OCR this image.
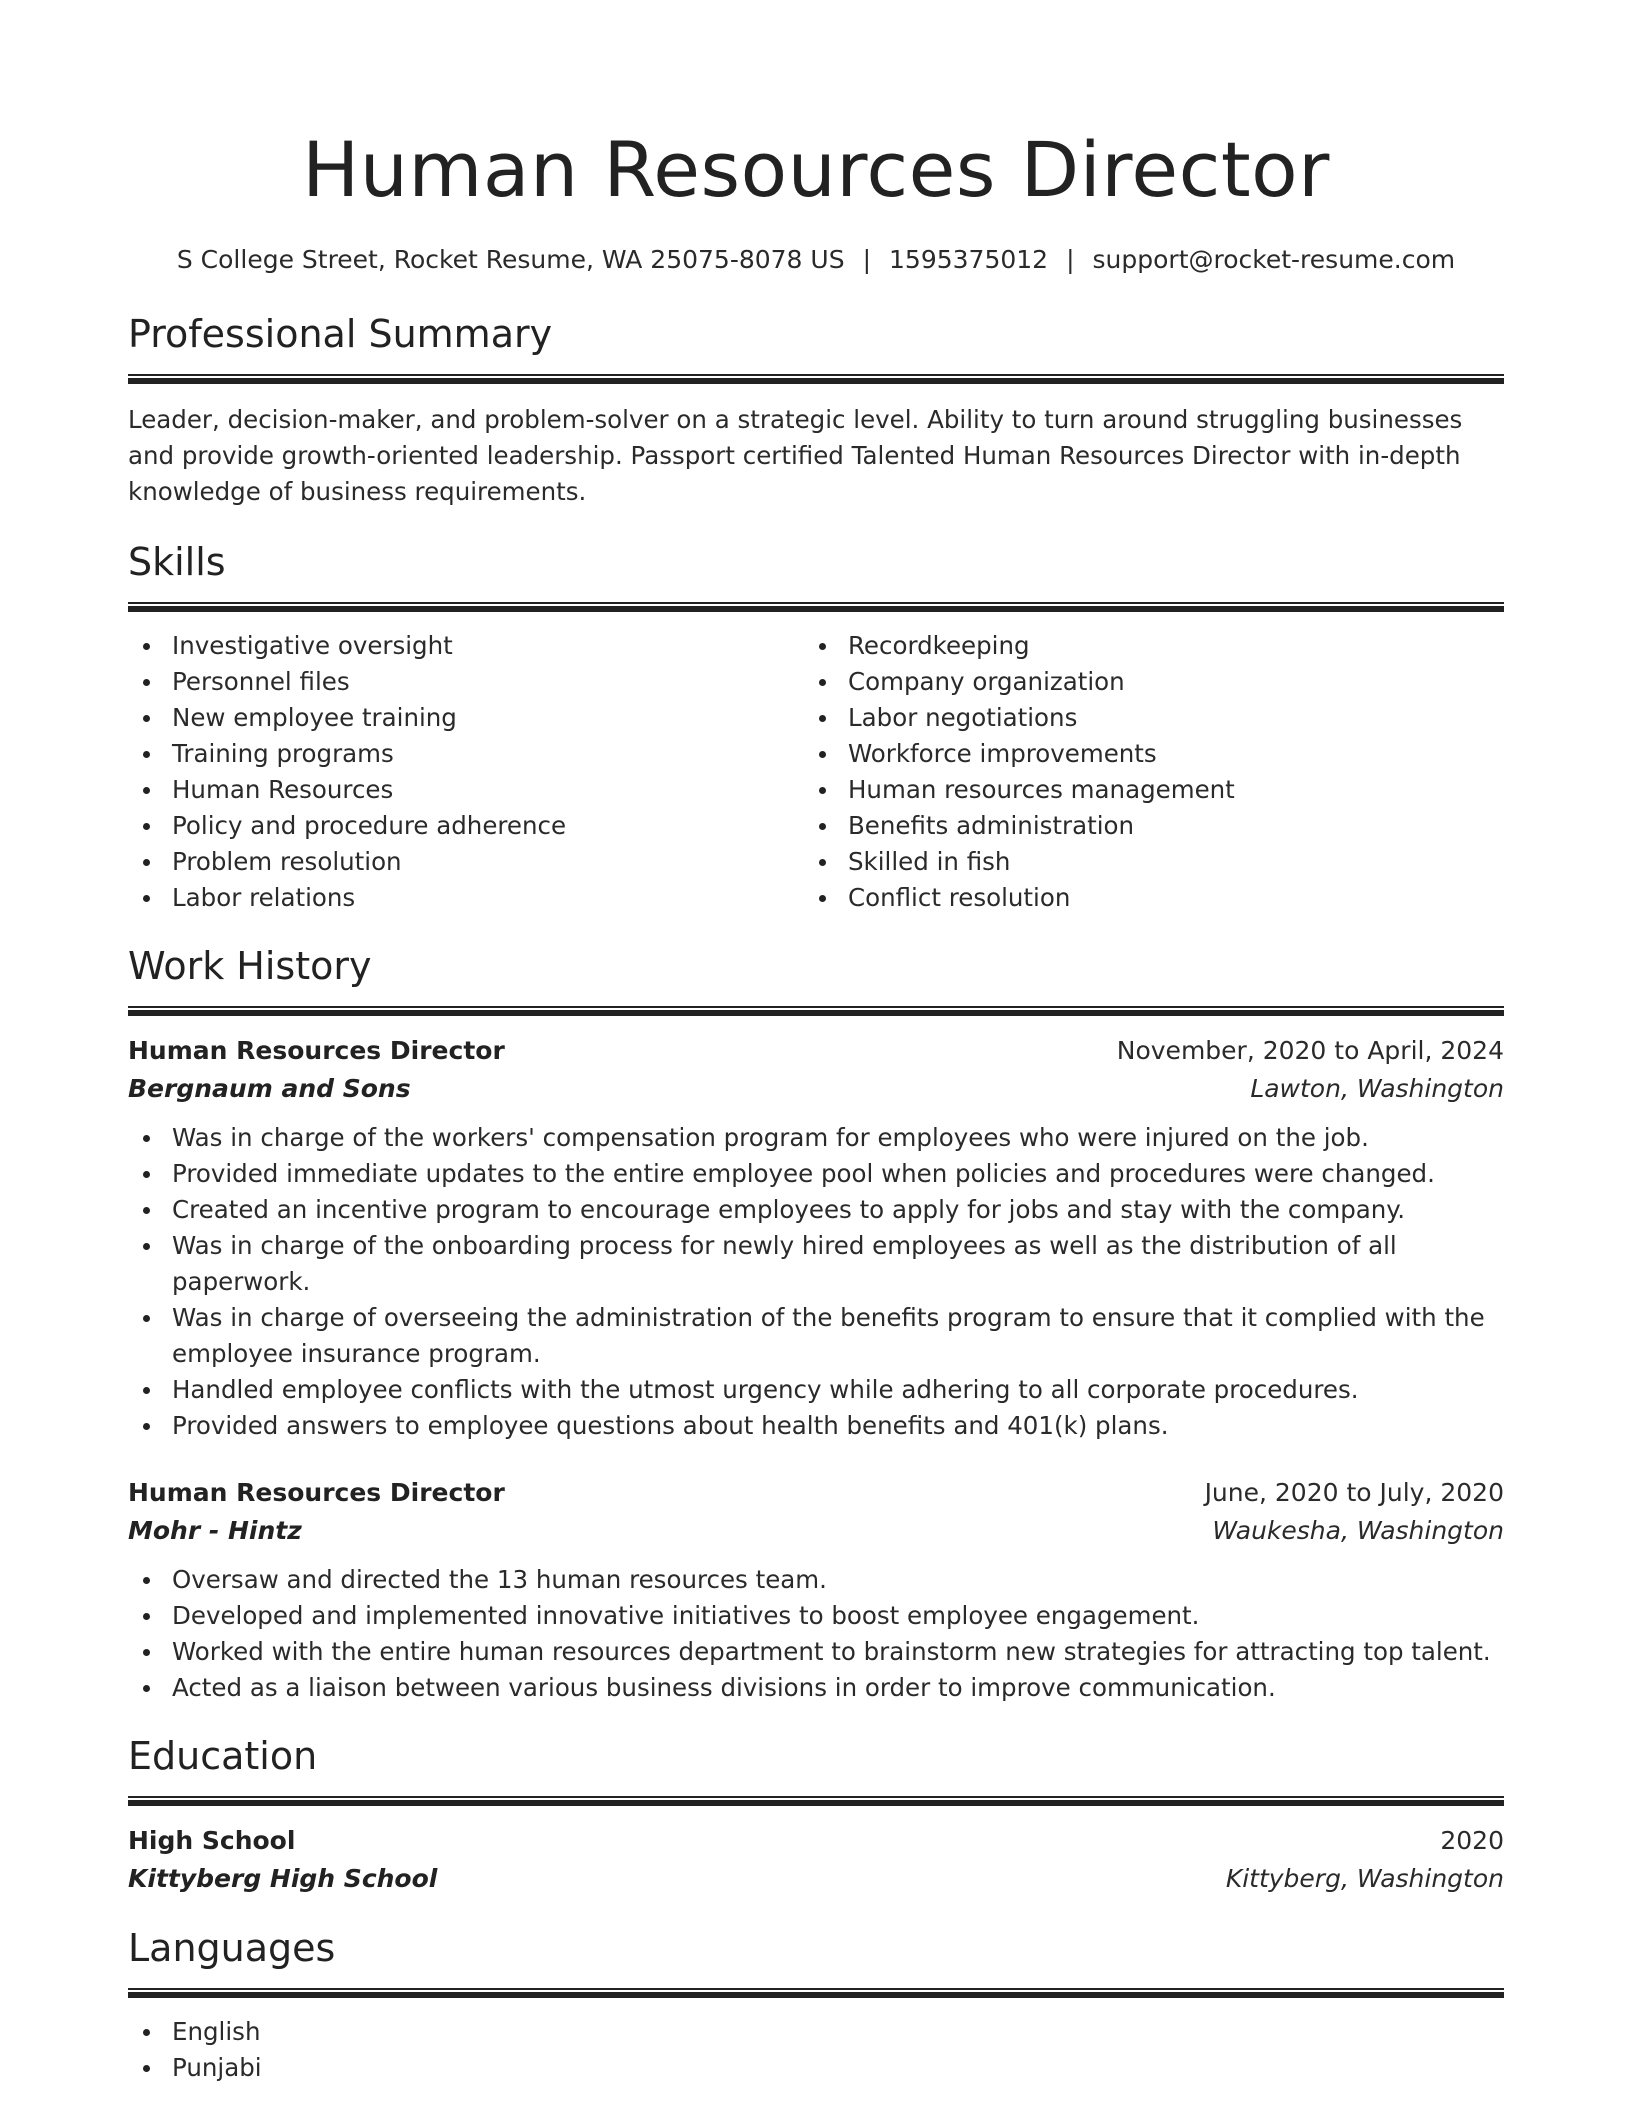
Human Resources Director
S College Street, Rocket Resume, WA 25075-8078 US | 1595375012 | support@rocket-resume.com
Professional Summary
Leader, decision-maker, and problem-solver on a strategic level. Ability to turn around struggling businesses and provide growth-oriented leadership. Passport certified Talented Human Resources Director with in-depth knowledge of business requirements.
Skills
Investigative oversight
Personnel files
New employee training
Training programs
Human Resources
Policy and procedure adherence
Problem resolution
Labor relations
Recordkeeping
Company organization
Labor negotiations
Workforce improvements
Human resources management
Benefits administration
Skilled in fish
Conflict resolution
Work History
Human Resources Director	November, 2020 to April, 2024
Bergnaum and Sons	Lawton, Washington
Was in charge of the workers' compensation program for employees who were injured on the job.
Provided immediate updates to the entire employee pool when policies and procedures were changed.
Created an incentive program to encourage employees to apply for jobs and stay with the company.
Was in charge of the onboarding process for newly hired employees as well as the distribution of all paperwork.
Was in charge of overseeing the administration of the benefits program to ensure that it complied with the employee insurance program.
Handled employee conflicts with the utmost urgency while adhering to all corporate procedures.
Provided answers to employee questions about health benefits and 401(k) plans.
Human Resources Director	June, 2020 to July, 2020
Mohr - Hintz	Waukesha, Washington
Oversaw and directed the 13 human resources team.
Developed and implemented innovative initiatives to boost employee engagement.
Worked with the entire human resources department to brainstorm new strategies for attracting top talent.
Acted as a liaison between various business divisions in order to improve communication.
Education
High School	2020
Kittyberg High School	Kittyberg, Washington
Languages
English
Punjabi
